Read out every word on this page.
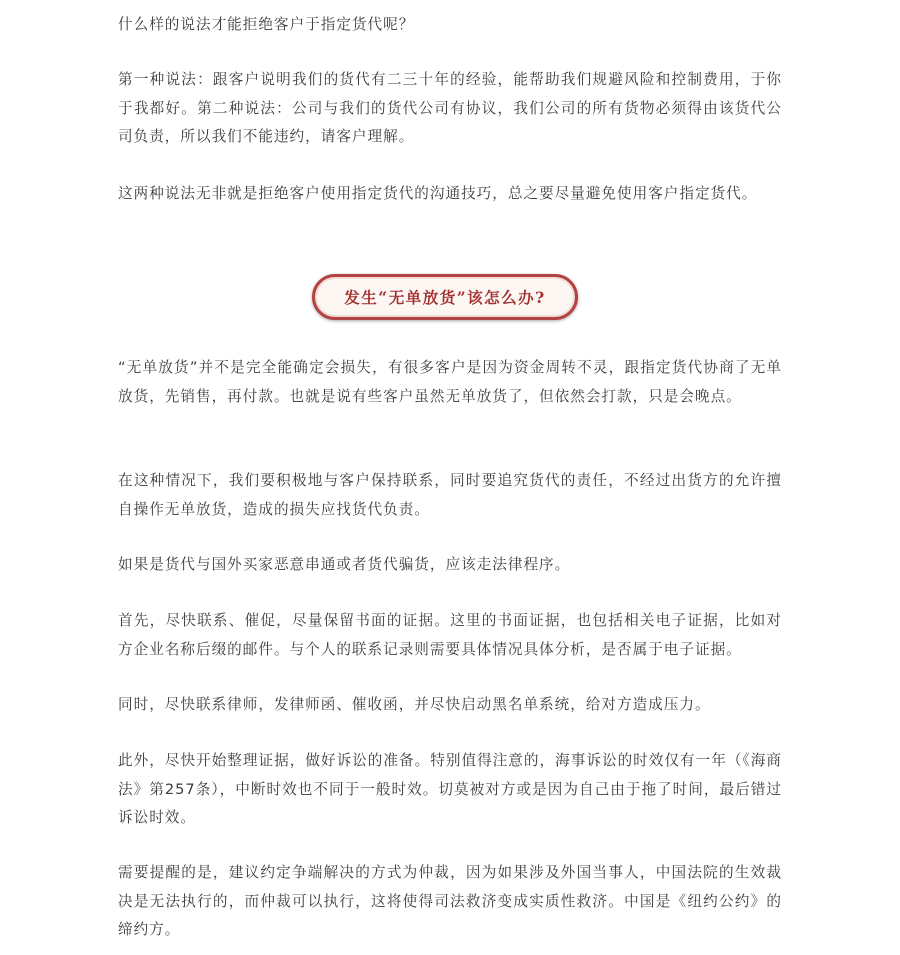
什么样的说法才能拒绝客户于指定货代呢？

第一种说法：跟客户说明我们的货代有二三十年的经验，能帮助我们规避风险和控制费用，于你于我都好。第二种说法：公司与我们的货代公司有协议，我们公司的所有货物必须得由该货代公司负责，所以我们不能违约，请客户理解。

这两种说法无非就是拒绝客户使用指定货代的沟通技巧，总之要尽量避免使用客户指定货代。

“无单放货”并不是完全能确定会损失，有很多客户是因为资金周转不灵，跟指定货代协商了无单放货，先销售，再付款。也就是说有些客户虽然无单放货了，但依然会打款，只是会晚点。

在这种情况下，我们要积极地与客户保持联系，同时要追究货代的责任，不经过出货方的允许擅自操作无单放货，造成的损失应找货代负责。

如果是货代与国外买家恶意串通或者货代骗货，应该走法律程序。

首先，尽快联系、催促，尽量保留书面的证据。这里的书面证据，也包括相关电子证据，比如对方企业名称后缀的邮件。与个人的联系记录则需要具体情况具体分析，是否属于电子证据。

同时，尽快联系律师，发律师函、催收函，并尽快启动黑名单系统，给对方造成压力。

此外，尽快开始整理证据，做好诉讼的准备。特别值得注意的，海事诉讼的时效仅有一年（《海商法》第257条），中断时效也不同于一般时效。切莫被对方或是因为自己由于拖了时间，最后错过诉讼时效。

需要提醒的是，建议约定争端解决的方式为仲裁，因为如果涉及外国当事人，中国法院的生效裁决是无法执行的，而仲裁可以执行，这将使得司法救济变成实质性救济。中国是《纽约公约》的缔约方。

发生“无单放货”该怎么办?
